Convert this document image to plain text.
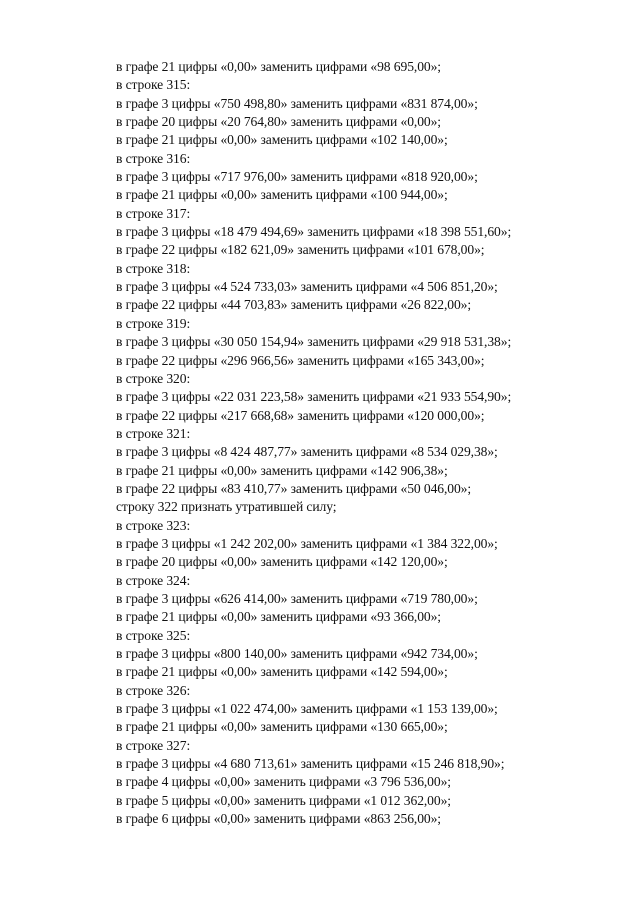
в графе 21 цифры «0,00» заменить цифрами «98 695,00»;
в строке 315:
в графе 3 цифры «750 498,80» заменить цифрами «831 874,00»;
в графе 20 цифры «20 764,80» заменить цифрами «0,00»;
в графе 21 цифры «0,00» заменить цифрами «102 140,00»;
в строке 316:
в графе 3 цифры «717 976,00» заменить цифрами «818 920,00»;
в графе 21 цифры «0,00» заменить цифрами «100 944,00»;
в строке 317:
в графе 3 цифры «18 479 494,69» заменить цифрами «18 398 551,60»;
в графе 22 цифры «182 621,09» заменить цифрами «101 678,00»;
в строке 318:
в графе 3 цифры «4 524 733,03» заменить цифрами «4 506 851,20»;
в графе 22 цифры «44 703,83» заменить цифрами «26 822,00»;
в строке 319:
в графе 3 цифры «30 050 154,94» заменить цифрами «29 918 531,38»;
в графе 22 цифры «296 966,56» заменить цифрами «165 343,00»;
в строке 320:
в графе 3 цифры «22 031 223,58» заменить цифрами «21 933 554,90»;
в графе 22 цифры «217 668,68» заменить цифрами «120 000,00»;
в строке 321:
в графе 3 цифры «8 424 487,77» заменить цифрами «8 534 029,38»;
в графе 21 цифры «0,00» заменить цифрами «142 906,38»;
в графе 22 цифры «83 410,77» заменить цифрами «50 046,00»;
строку 322 признать утратившей силу;
в строке 323:
в графе 3 цифры «1 242 202,00» заменить цифрами «1 384 322,00»;
в графе 20 цифры «0,00» заменить цифрами «142 120,00»;
в строке 324:
в графе 3 цифры «626 414,00» заменить цифрами «719 780,00»;
в графе 21 цифры «0,00» заменить цифрами «93 366,00»;
в строке 325:
в графе 3 цифры «800 140,00» заменить цифрами «942 734,00»;
в графе 21 цифры «0,00» заменить цифрами «142 594,00»;
в строке 326:
в графе 3 цифры «1 022 474,00» заменить цифрами «1 153 139,00»;
в графе 21 цифры «0,00» заменить цифрами «130 665,00»;
в строке 327:
в графе 3 цифры «4 680 713,61» заменить цифрами «15 246 818,90»;
в графе 4 цифры «0,00» заменить цифрами «3 796 536,00»;
в графе 5 цифры «0,00» заменить цифрами «1 012 362,00»;
в графе 6 цифры «0,00» заменить цифрами «863 256,00»;
